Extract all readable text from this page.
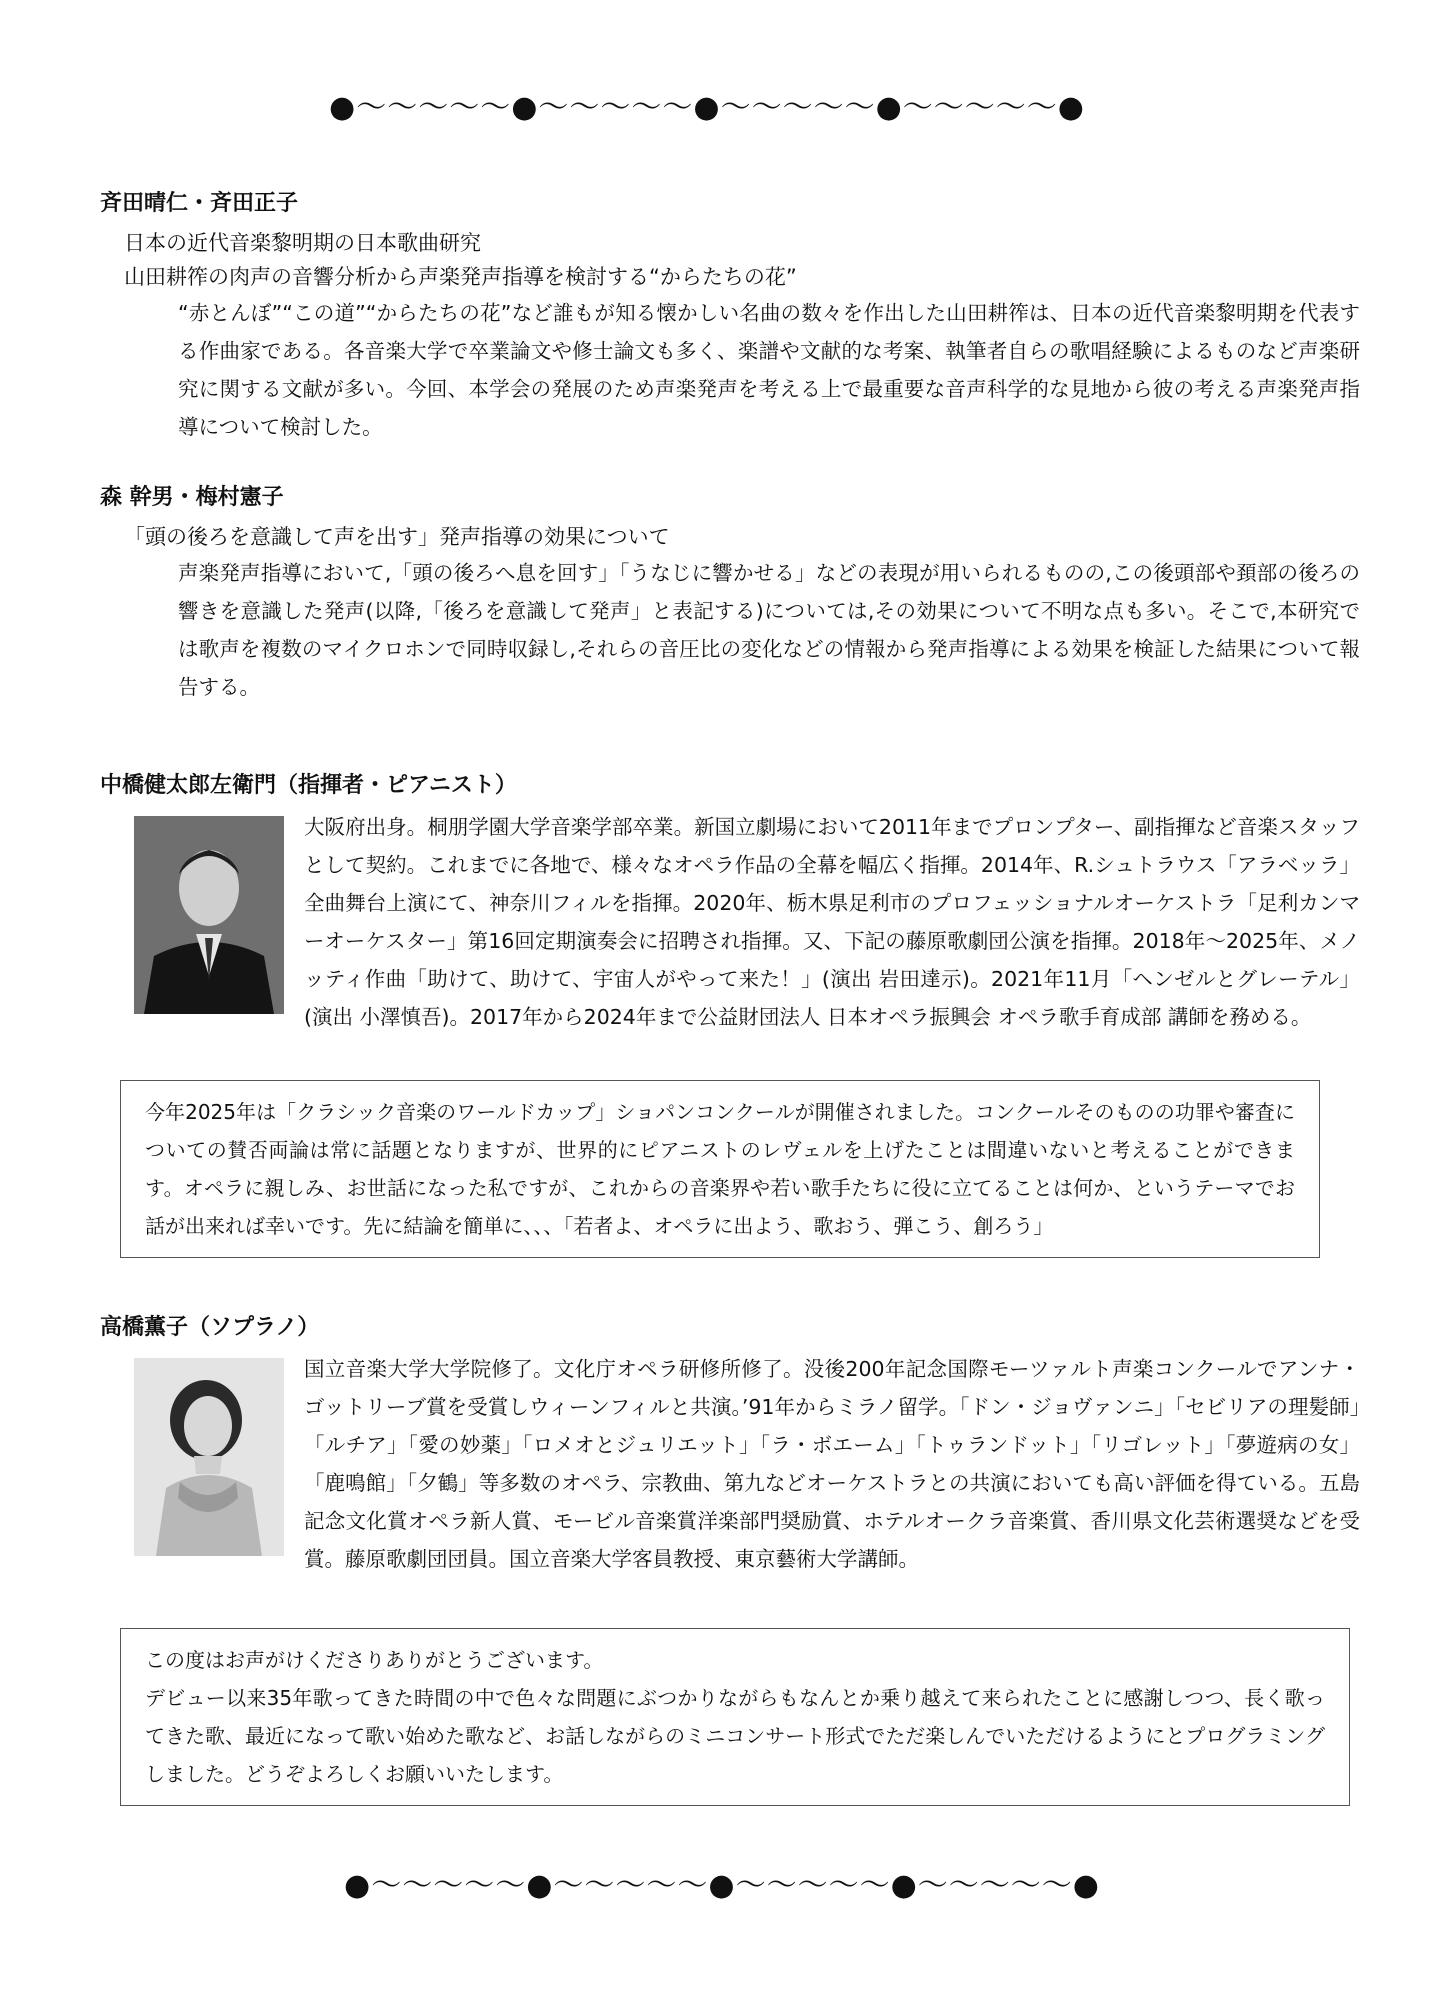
●～～～～～●～～～～～●～～～～～●～～～～～●

斉田晴仁・斉田正子

日本の近代音楽黎明期の日本歌曲研究

山田耕筰の肉声の音響分析から声楽発声指導を検討する“からたちの花”

“赤とんぼ”“この道”“からたちの花”など誰もが知る懐かしい名曲の数々を作出した山田耕筰は、日本の近代音楽黎明期を代表する作曲家である。各音楽大学で卒業論文や修士論文も多く、楽譜や文献的な考案、執筆者自らの歌唱経験によるものなど声楽研究に関する文献が多い。今回、本学会の発展のため声楽発声を考える上で最重要な音声科学的な見地から彼の考える声楽発声指導について検討した。

森 幹男・梅村憲子

「頭の後ろを意識して声を出す」発声指導の効果について

声楽発声指導において,「頭の後ろへ息を回す」「うなじに響かせる」などの表現が用いられるものの,この後頭部や頚部の後ろの響きを意識した発声(以降,「後ろを意識して発声」と表記する)については,その効果について不明な点も多い。そこで,本研究では歌声を複数のマイクロホンで同時収録し,それらの音圧比の変化などの情報から発声指導による効果を検証した結果について報告する。

中橋健太郎左衛門（指揮者・ピアニスト）

大阪府出身。桐朋学園大学音楽学部卒業。新国立劇場において2011年までプロンプター、副指揮など音楽スタッフとして契約。これまでに各地で、様々なオペラ作品の全幕を幅広く指揮。2014年、R.シュトラウス「アラベッラ」全曲舞台上演にて、神奈川フィルを指揮。2020年、栃木県足利市のプロフェッショナルオーケストラ「足利カンマーオーケスター」第16回定期演奏会に招聘され指揮。又、下記の藤原歌劇団公演を指揮。2018年～2025年、メノッティ作曲「助けて、助けて、宇宙人がやって来た！」(演出 岩田達示)。2021年11月「ヘンゼルとグレーテル」(演出 小澤慎吾)。2017年から2024年まで公益財団法人 日本オペラ振興会 オペラ歌手育成部 講師を務める。
今年2025年は「クラシック音楽のワールドカップ」ショパンコンクールが開催されました。コンクールそのものの功罪や審査についての賛否両論は常に話題となりますが、世界的にピアニストのレヴェルを上げたことは間違いないと考えることができます。オペラに親しみ、お世話になった私ですが、これからの音楽界や若い歌手たちに役に立てることは何か、というテーマでお話が出来れば幸いです。先に結論を簡単に、、、「若者よ、オペラに出よう、歌おう、弾こう、創ろう」

高橋薫子（ソプラノ）

国立音楽大学大学院修了。文化庁オペラ研修所修了。没後200年記念国際モーツァルト声楽コンクールでアンナ・ゴットリーブ賞を受賞しウィーンフィルと共演。’91年からミラノ留学。「ドン・ジョヴァンニ」「セビリアの理髪師」「ルチア」「愛の妙薬」「ロメオとジュリエット」「ラ・ボエーム」「トゥランドット」「リゴレット」「夢遊病の女」「鹿鳴館」「夕鶴」等多数のオペラ、宗教曲、第九などオーケストラとの共演においても高い評価を得ている。五島記念文化賞オペラ新人賞、モービル音楽賞洋楽部門奨励賞、ホテルオークラ音楽賞、香川県文化芸術選奨などを受賞。藤原歌劇団団員。国立音楽大学客員教授、東京藝術大学講師。
この度はお声がけくださりありがとうございます。
デビュー以来35年歌ってきた時間の中で色々な問題にぶつかりながらもなんとか乗り越えて来られたことに感謝しつつ、長く歌ってきた歌、最近になって歌い始めた歌など、お話しながらのミニコンサート形式でただ楽しんでいただけるようにとプログラミングしました。どうぞよろしくお願いいたします。
●～～～～～●～～～～～●～～～～～●～～～～～●
